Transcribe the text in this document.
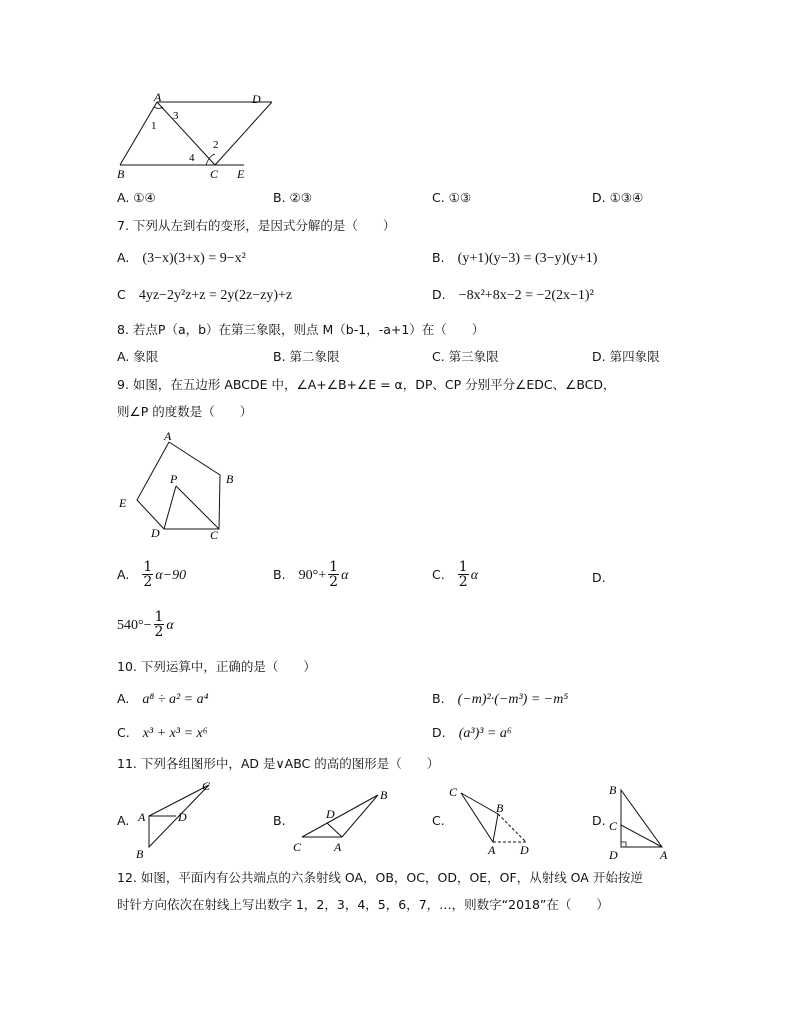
A	D
B	C E
1
3
2
4
A. ①④	B. ②③	C. ①③	D. ①③④
7. 下列从左到右的变形，是因式分解的是（　　）
A. (3−x)(3+x) = 9−x²	B. (y+1)(y−3) = (3−y)(y+1)
C 4yz−2y²z+z = 2y(2z−zy)+z	D. −8x²+8x−2 = −2(2x−1)²
8. 若点P（a，b）在第三象限，则点 M（b-1，-a+1）在（　　）
A. 象限	B. 第二象限	C. 第三象限	D. 第四象限
9. 如图，在五边形 ABCDE 中，∠A+∠B+∠E = α，DP、CP 分别平分∠EDC、∠BCD，
则∠P 的度数是（　　）
A
B
C
D
E
P
A. $\frac{1}{2} \alpha-90$	B. $90^\circ+ \frac{1}{2}$ α	C. $\frac{1}{2}$ α	D.
$540^\circ- \frac{1}{2}$ α
10. 下列运算中，正确的是（　　）
A. a⁸ ÷ a² = a⁴	B. (−m)²·(−m³) = −m⁵
C. x³ + x³ = x⁶	D. (a³)³ = a⁶
11. 下列各组图形中，AD 是∨ABC 的高的图形是（　　）
A.
C
A	D
B
B.
B
D
C	A
C.
C
B
A D
D.
B
C
D	A
12. 如图，平面内有公共端点的六条射线 OA，OB，OC，OD，OE，OF，从射线 OA 开始按逆
时针方向依次在射线上写出数字 1，2，3，4，5，6，7，…，则数字“2018”在（　　）
